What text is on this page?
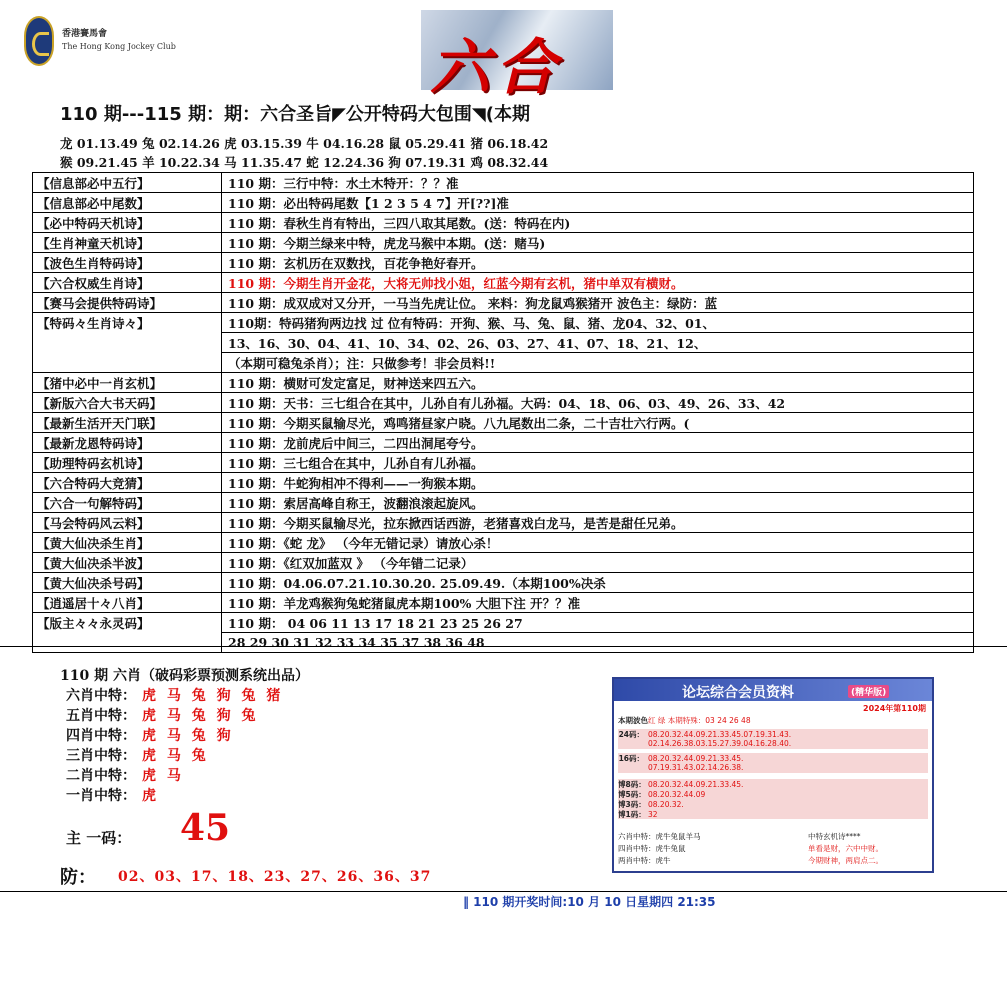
香港賽馬會
The Hong Kong Jockey Club	六合
110 期---115 期：期：六合圣旨◤公开特码大包围◥(本期
龙 01.13.49 兔 02.14.26 虎 03.15.39 牛 04.16.28 鼠 05.29.41 猪 06.18.42
猴 09.21.45 羊 10.22.34 马 11.35.47 蛇 12.24.36 狗 07.19.31 鸡 08.32.44
【信息部必中五行】	110 期：三行中特：水土木特开：？？准
【信息部必中尾数】	110 期：必出特码尾数【1 2 3 5 4 7】开[??]准
【必中特码天机诗】	110 期：春秋生肖有特出，三四八取其尾数。(送：特码在内)
【生肖神童天机诗】	110 期：今期兰绿来中特，虎龙马猴中本期。(送：赌马)
【波色生肖特码诗】	110 期：玄机历在双数找，百花争艳好春开。
【六合权威生肖诗】	110 期：今期生肖开金花，大将无帅找小姐，红蓝今期有玄机，猪中单双有横财。
【赛马会提供特码诗】	110 期：成双成对又分开，一马当先虎让位。 来料：狗龙鼠鸡猴猪开 波色主：绿防：蓝
【特码々生肖诗々】	110期：特码猪狗两边找 过 位有特码：开狗、猴、马、兔、鼠、猪、龙04、32、01、
	13、16、30、04、41、10、34、02、26、03、27、41、07、18、21、12、
	（本期可稳兔杀肖）；注：只做参考！非会员料!!
【猪中必中一肖玄机】	110 期：横财可发定富足，财神送来四五六。
【新版六合大书天码】	110 期：天书：三七组合在其中，儿孙自有儿孙福。大码：04、18、06、03、49、26、33、42
【最新生活开天门联】	110 期：今期买鼠输尽光，鸡鸣猪昼家户晓。八九尾数出二条，二十吉壮六行两。(
【最新龙恩特码诗】	110 期：龙前虎后中间三，二四出洞尾夸兮。
【助理特码玄机诗】	110 期：三七组合在其中，儿孙自有儿孙福。
【六合特码大竞猜】	110 期：牛蛇狗相冲不得利——一狗猴本期。
【六合一句解特码】	110 期：索居高峰自称王，波翻浪滚起旋风。
【马会特码风云料】	110 期：今期买鼠输尽光，拉东掀西话西游，老猪喜戏白龙马，是苦是甜任兄弟。
【黄大仙决杀生肖】	110 期：《蛇 龙》 （今年无错记录）请放心杀！
【黄大仙决杀半波】	110 期：《红双加蓝双 》 （今年错二记录）
【黄大仙决杀号码】	110 期：04.06.07.21.10.30.20. 25.09.49.（本期100%决杀
【逍遥居十々八肖】	110 期：羊龙鸡猴狗兔蛇猪鼠虎本期100% 大胆下注 开？？准
【版主々々永灵码】	110 期： 04 06 11 13 17 18 21 23 25 26 27
	28 29 30 31 32 33 34 35 37 38 36 48
110 期 六肖（破码彩票预测系统出品）
六肖中特： 虎 马 兔 狗 兔 猪
五肖中特： 虎 马 兔 狗 兔
四肖中特： 虎 马 兔 狗
三肖中特： 虎 马 兔
二肖中特： 虎 马
一肖中特： 虎
主 一码： 45
防： 02、03、17、18、23、27、26、36、37
论坛综合会员资料	(精华版)
2024年第110期
本期波色红 绿 本期特殊：03 24 26 48
24码： 08.20.32.44.09.21.33.45.07.19.31.43.
02.14.26.38.03.15.27.39.04.16.28.40.
16码： 08.20.32.44.09.21.33.45.
07.19.31.43.02.14.26.38.
博8码： 08.20.32.44.09.21.33.45.
博5码： 08.20.32.44.09
博3码： 08.20.32.
博1码： 32
六肖中特：虎牛兔鼠羊马	中特玄机诗****
四肖中特：虎牛兔鼠	单看是财，六中中财。
两肖中特：虎牛	今期财神，两肩点二。
‖ 110 期开奖时间:10 月 10 日星期四 21:35
